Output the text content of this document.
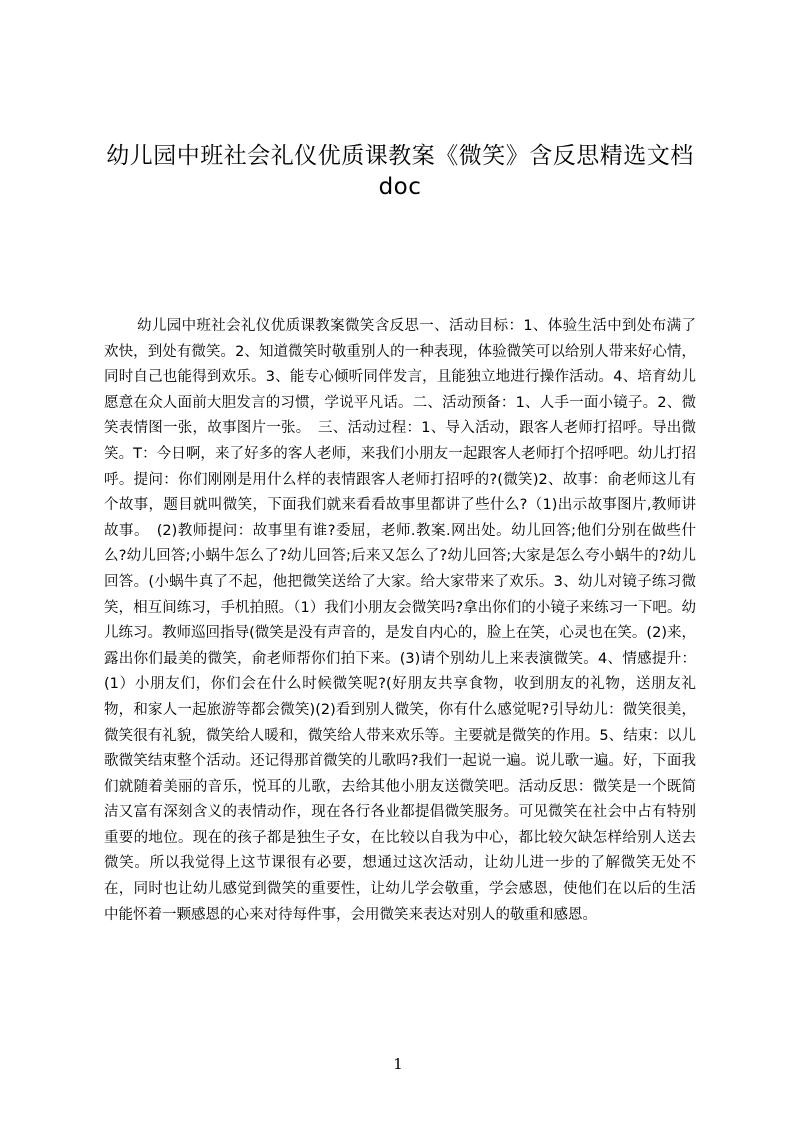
幼儿园中班社会礼仪优质课教案《微笑》含反思精选文档
doc
幼儿园中班社会礼仪优质课教案微笑含反思一、活动目标：1、体验生活中到处布满了欢快，到处有微笑。2、知道微笑时敬重别人的一种表现，体验微笑可以给别人带来好心情，同时自己也能得到欢乐。3、能专心倾听同伴发言，且能独立地进行操作活动。4、培育幼儿愿意在众人面前大胆发言的习惯，学说平凡话。二、活动预备：1、人手一面小镜子。2、微笑表情图一张，故事图片一张。　三、活动过程：1、导入活动，跟客人老师打招呼。导出微笑。T：今日啊，来了好多的客人老师，来我们小朋友一起跟客人老师打个招呼吧。幼儿打招呼。提问：你们刚刚是用什么样的表情跟客人老师打招呼的?(微笑)2、故事：俞老师这儿有个故事，题目就叫微笑，下面我们就来看看故事里都讲了些什么?（1)出示故事图片,教师讲故事。　(2)教师提问：故事里有谁?委屈，老师.教案.网出处。幼儿回答;他们分别在做些什么?幼儿回答;小蜗牛怎么了?幼儿回答;后来又怎么了?幼儿回答;大家是怎么夸小蜗牛的?幼儿回答。(小蜗牛真了不起，他把微笑送给了大家。给大家带来了欢乐。3、幼儿对镜子练习微笑，相互间练习，手机拍照。（1）我们小朋友会微笑吗?拿出你们的小镜子来练习一下吧。幼儿练习。教师巡回指导(微笑是没有声音的，是发自内心的，脸上在笑，心灵也在笑。(2)来，露出你们最美的微笑，俞老师帮你们拍下来。(3)请个别幼儿上来表演微笑。4、情感提升：(1）小朋友们，你们会在什么时候微笑呢?(好朋友共享食物，收到朋友的礼物，送朋友礼物，和家人一起旅游等都会微笑)(2)看到别人微笑，你有什么感觉呢?引导幼儿：微笑很美，微笑很有礼貌，微笑给人暖和，微笑给人带来欢乐等。主要就是微笑的作用。5、结束：以儿歌微笑结束整个活动。还记得那首微笑的儿歌吗?我们一起说一遍。说儿歌一遍。好，下面我们就随着美丽的音乐，悦耳的儿歌，去给其他小朋友送微笑吧。活动反思：微笑是一个既简洁又富有深刻含义的表情动作，现在各行各业都提倡微笑服务。可见微笑在社会中占有特别重要的地位。现在的孩子都是独生子女，在比较以自我为中心，都比较欠缺怎样给别人送去微笑。所以我觉得上这节课很有必要，想通过这次活动，让幼儿进一步的了解微笑无处不在，同时也让幼儿感觉到微笑的重要性，让幼儿学会敬重，学会感恩，使他们在以后的生活中能怀着一颗感恩的心来对待每件事，会用微笑来表达对别人的敬重和感恩。
1
